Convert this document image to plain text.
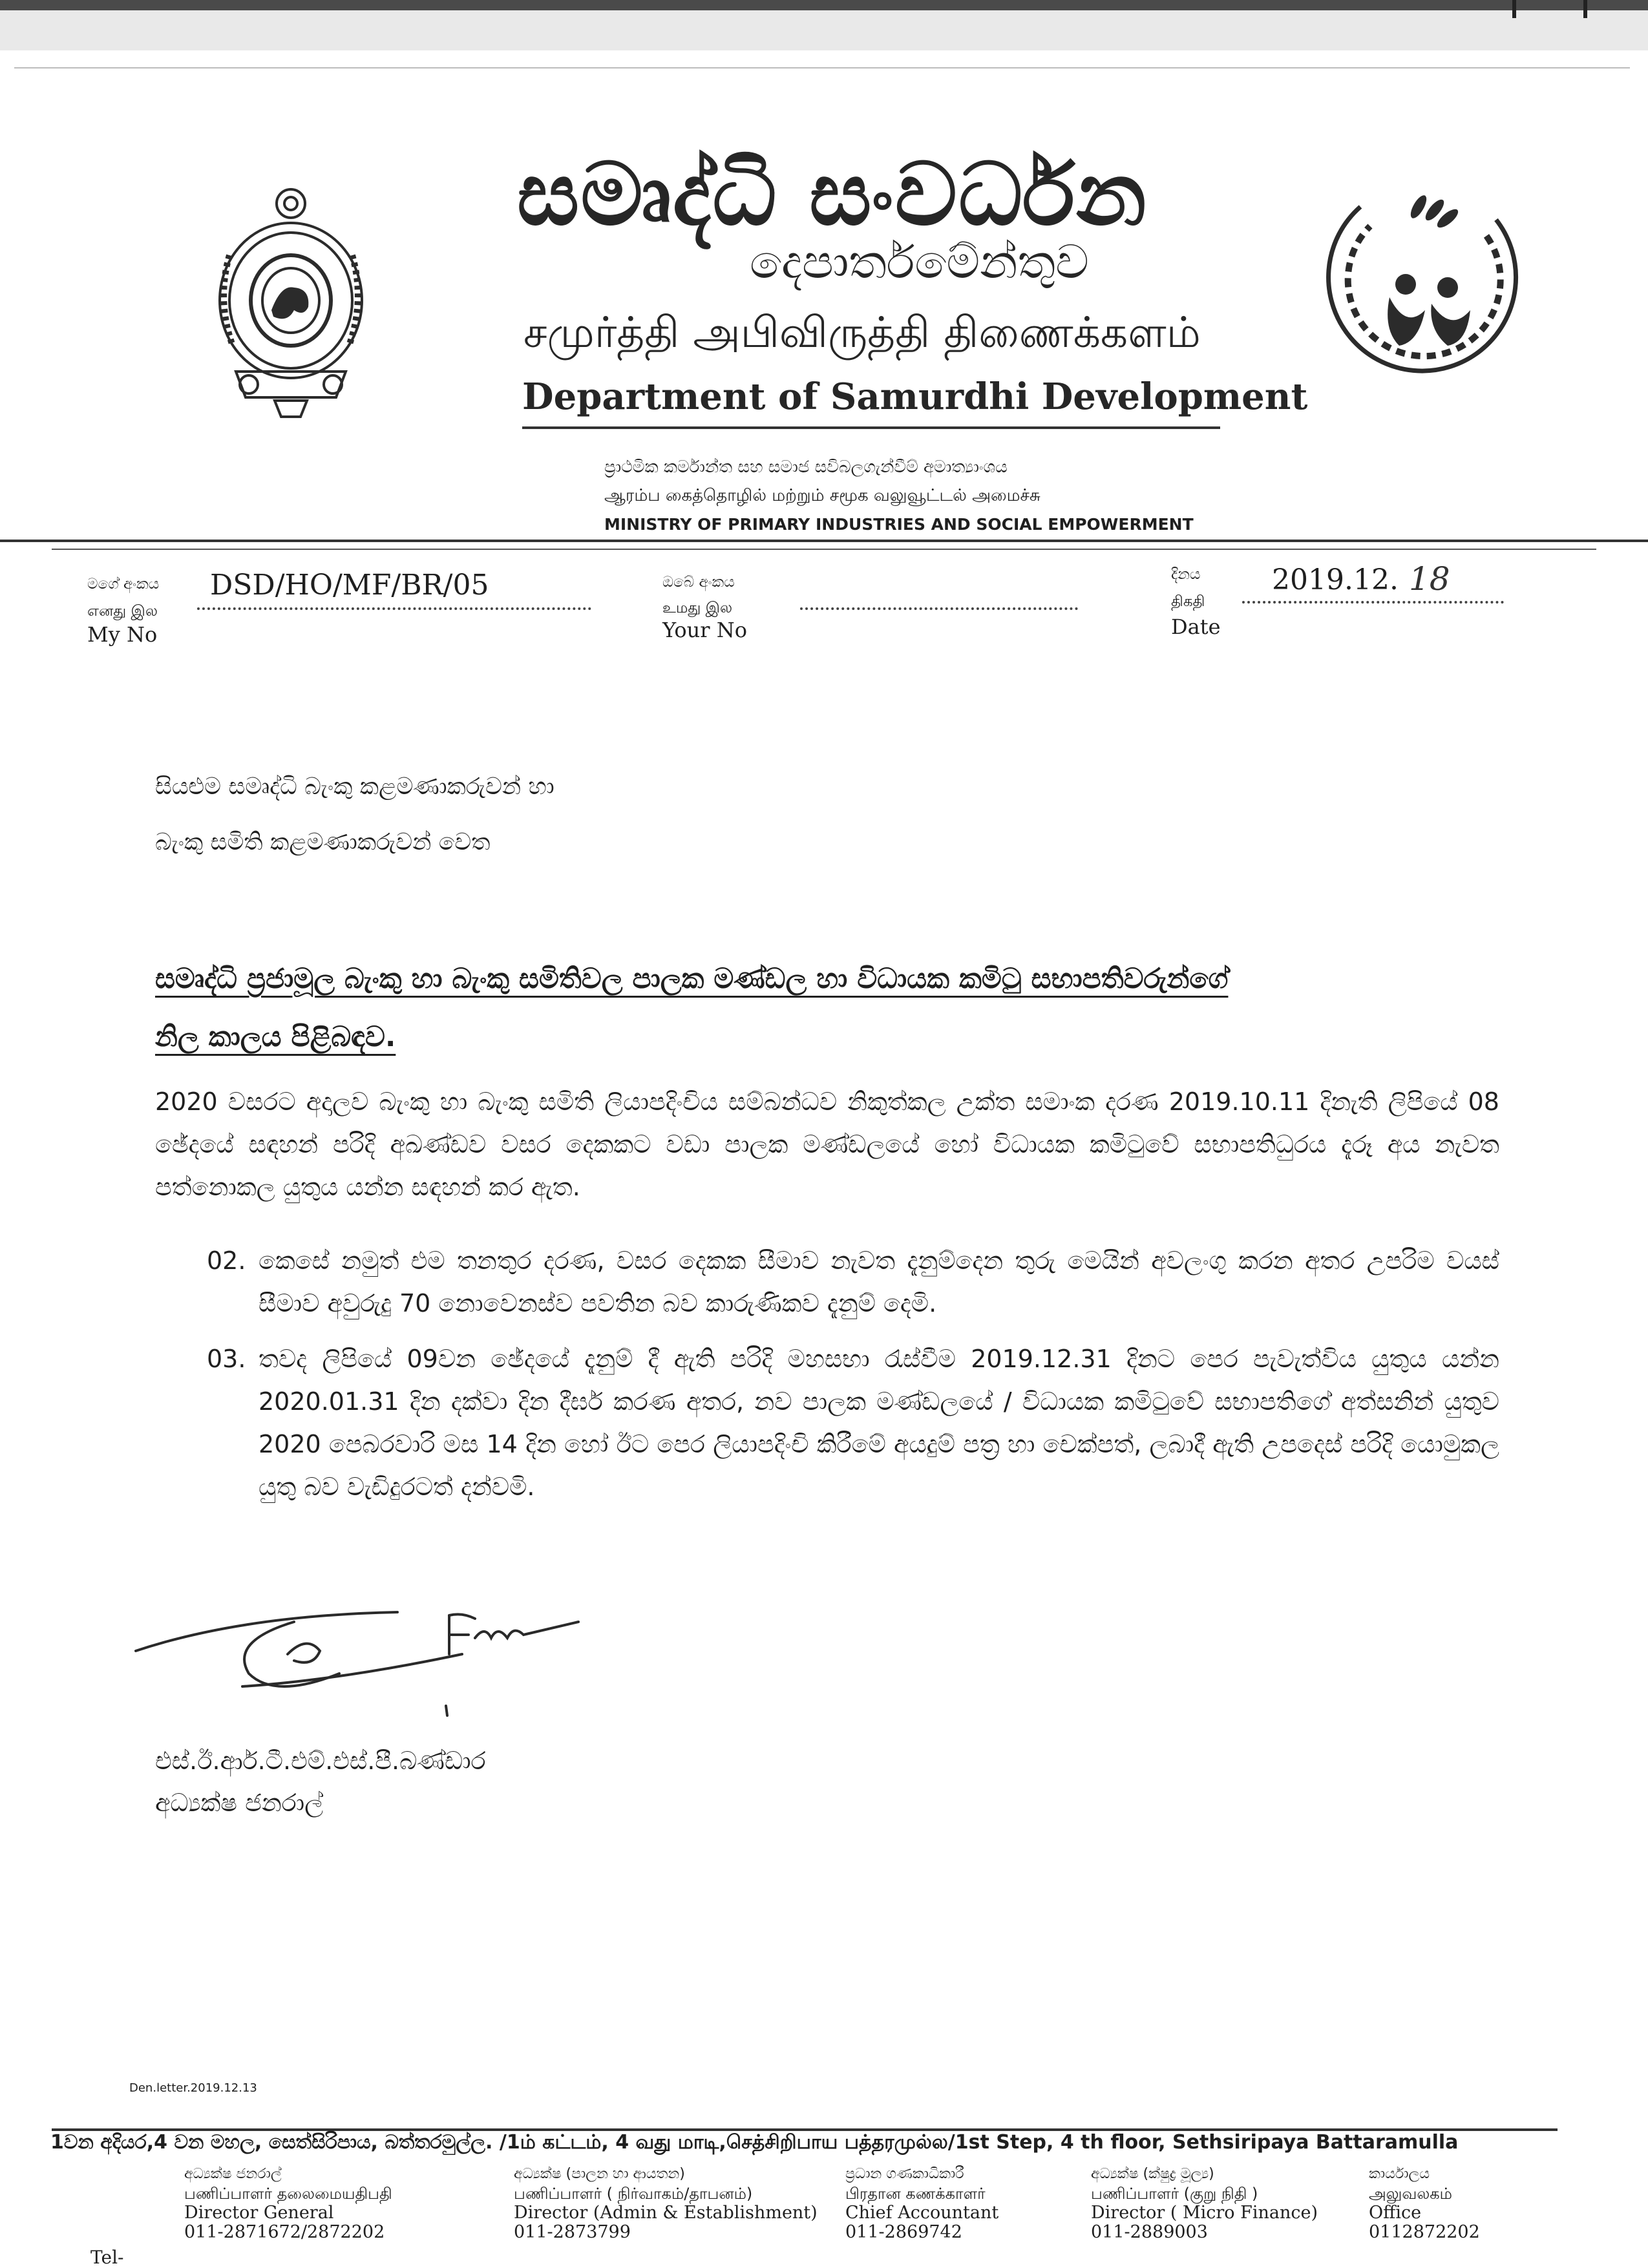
සමෘද්ධි සංවර්ධන
දෙපාර්තමේන්තුව
சமுர்த்தி அபிவிருத்தி திணைக்களம்
Department of Samurdhi Development
ප්‍රාථමික කර්මාන්ත සහ සමාජ සවිබලගැන්වීම් අමාත්‍යාංශය
ஆரம்ப கைத்தொழில் மற்றும் சமூக வலுவூட்டல் அமைச்சு
MINISTRY OF PRIMARY INDUSTRIES AND SOCIAL EMPOWERMENT
මගේ අංකය
எனது இல
My No
DSD/HO/MF/BR/05	ඔබේ අංකය
உமது இல
Your No
දිනය
திகதி
Date
2019.12. 18
සියළුම සමෘද්ධි බැංකු කළමණාකරුවන් හා
බැංකු සමිති කළමණාකරුවන් වෙත
සමෘද්ධි ප්‍රජාමූල බැංකු හා බැංකු සමිතිවල පාලක මණ්ඩල හා විධායක කමිටු සභාපතිවරුන්ගේ
නිල කාලය පිළිබඳව.
2020 වසරට අදාලව බැංකු හා බැංකු සමිති ලියාපදිංචිය සම්බන්ධව නිකුත්කල උක්ත සමාංක දරණ 2019.10.11 දිනැති ලිපියේ 08 ඡේදයේ සඳහන් පරිදි අඛණ්ඩව වසර දෙකකට වඩා පාලක මණ්ඩලයේ හෝ විධායක කමිටුවේ සභාපතිධුරය දැරූ අය නැවත පත්නොකල යුතුය යන්න සඳහන් කර ඇත.
02. කෙසේ නමුත් එම තනතුර දරණ, වසර දෙකක සීමාව නැවත දැනුම්දෙන තුරු මෙයින් අවලංගු කරන අතර උපරිම වයස් සීමාව අවුරුදු 70 නොවෙනස්ව පවතින බව කාරුණිකව දැනුම් දෙමි.
03. තවද ලිපියේ 09වන ඡේදයේ දැනුම් දී ඇති පරිදි මහසභා රැස්වීම 2019.12.31 දිනට පෙර පැවැත්විය යුතුය යන්න 2020.01.31 දින දක්වා දින දීර්ඝ කරණ අතර, නව පාලක මණ්ඩලයේ / විධායක කමිටුවේ සභාපතිගේ අත්සනින් යුතුව 2020 පෙබරවාරි මස 14 දින හෝ ඊට පෙර ලියාපදිංචි කිරීමේ අයදුම් පත්‍ර හා චෙක්පත්, ලබාදී ඇති උපදෙස් පරිදි යොමුකල යුතු බව වැඩිදුරටත් දන්වමි.
එස්.ඊ.ආර්.ටී.එම්.එස්.පී.බණ්ඩාර
අධ්‍යක්ෂ ජනරාල්
Den.letter.2019.12.13
1වන අදියර,4 වන මහල, සෙත්සිරිපාය, බත්තරමුල්ල. /1ம் கட்டம், 4 வது மாடி,செத்சிறிபாய பத்தரமுல்ல/1st Step, 4 th floor, Sethsiripaya Battaramulla
අධ්‍යක්ෂ ජනරාල්
பணிப்பாளர் தலைமையதிபதி
Director General
011-2871672/2872202
අධ්‍යක්ෂ (පාලන හා ආයතන)
பணிப்பாளர் ( நிர்வாகம்/தாபனம்)
Director (Admin & Establishment)
011-2873799
ප්‍රධාන ගණකාධිකාරී
பிரதான கணக்காளர்
Chief Accountant
011-2869742
අධ්‍යක්ෂ (ක්ෂුද්‍ර මූල්‍ය)
பணிப்பாளர் (குறு நிதி )
Director ( Micro Finance)
011-2889003
කාර්යාලය
அலுவலகம்
Office
0112872202
Tel-
